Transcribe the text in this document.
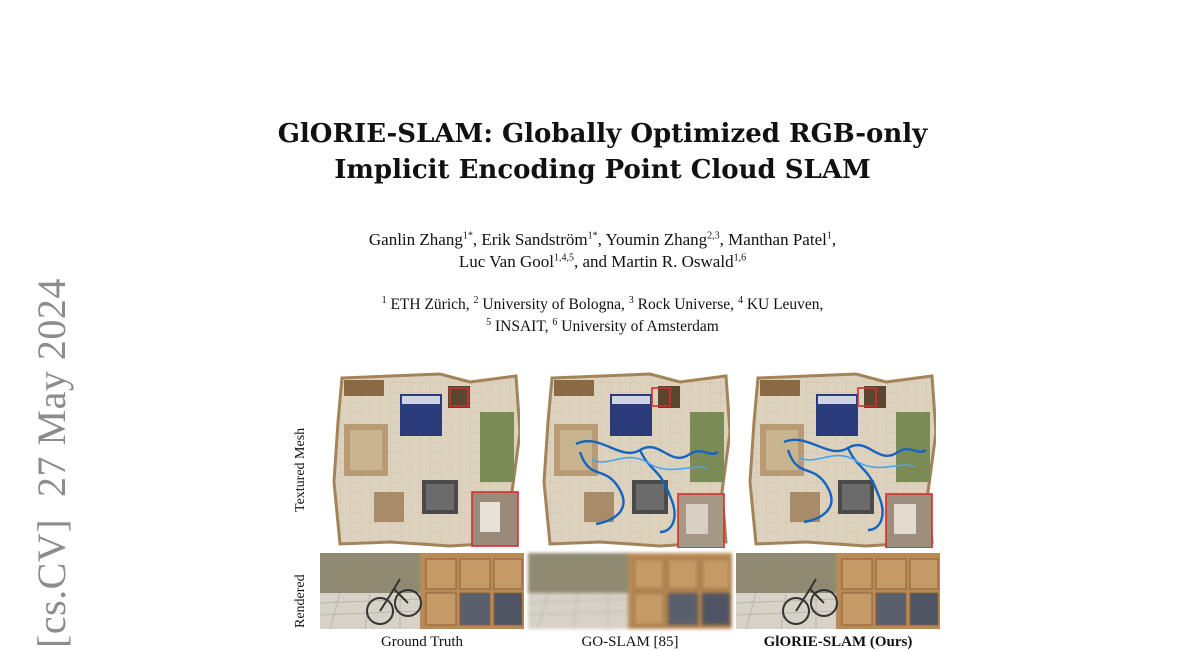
[cs.CV]27 May 2024
GlORIE-SLAM: Globally Optimized RGB-only
Implicit Encoding Point Cloud SLAM
Ganlin Zhang$^{1*}$, Erik Sandström$^{1*}$, Youmin Zhang$^{2,3}$, Manthan Patel$^1$,
Luc Van Gool$^{1,4,5}$, and Martin R. Oswald$^{1,6}$
$^1$ ETH Zürich, $^2$ University of Bologna, $^3$ Rock Universe, $^4$ KU Leuven,
$^5$ INSAIT, $^6$ University of Amsterdam
Textured Mesh
Rendered
Ground Truth	GO-SLAM [85]	GlORIE-SLAM (Ours)
